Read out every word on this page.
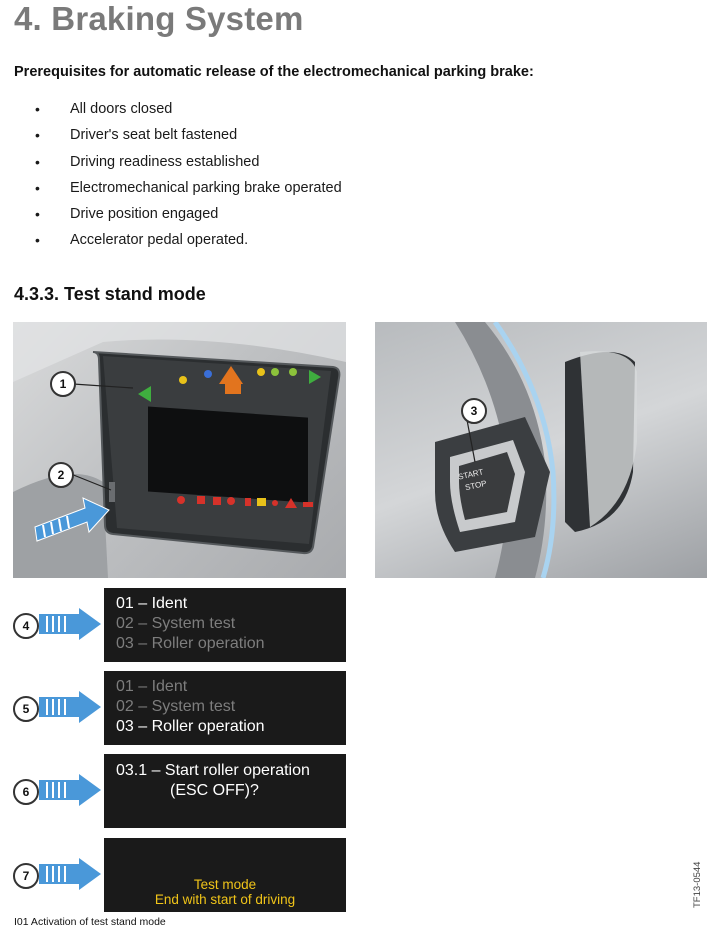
4. Braking System
Prerequisites for automatic release of the electromechanical parking brake:
• All doors closed
• Driver's seat belt fastened
• Driving readiness established
• Electromechanical parking brake operated
• Drive position engaged
• Accelerator pedal operated.
4.3.3. Test stand mode
1
2
3
START
STOP
4
01 – Ident
02 – System test
03 – Roller operation
5
01 – Ident
02 – System test
03 – Roller operation
6
03.1 – Start roller operation
(ESC OFF)?
7
Test mode
End with start of driving	TF13-0544
I01 Activation of test stand mode
